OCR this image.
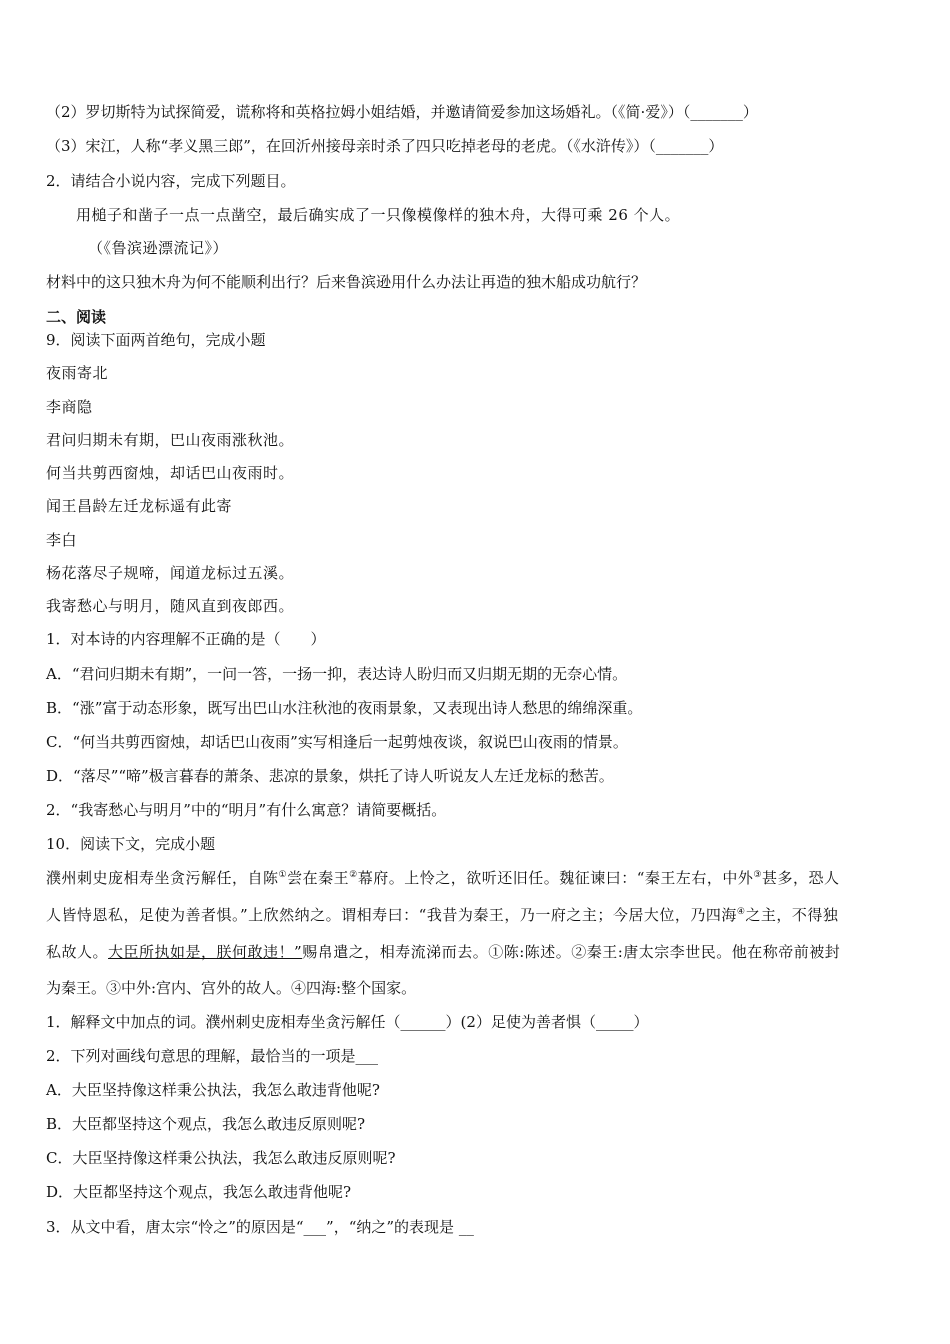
（2）罗切斯特为试探简爱，谎称将和英格拉姆小姐结婚，并邀请简爱参加这场婚礼。（《简·爱》）（_______）
（3）宋江，人称“孝义黑三郎”，在回沂州接母亲时杀了四只吃掉老母的老虎。（《水浒传》）（_______）
2．请结合小说内容，完成下列题目。
用槌子和凿子一点一点凿空，最后确实成了一只像模像样的独木舟，大得可乘 26 个人。
（《鲁滨逊漂流记》）
材料中的这只独木舟为何不能顺利出行？后来鲁滨逊用什么办法让再造的独木船成功航行？
二、阅读
9．阅读下面两首绝句，完成小题
夜雨寄北
李商隐
君问归期未有期，巴山夜雨涨秋池。
何当共剪西窗烛，却话巴山夜雨时。
闻王昌龄左迁龙标遥有此寄
李白
杨花落尽子规啼，闻道龙标过五溪。
我寄愁心与明月，随风直到夜郎西。
1．对本诗的内容理解不正确的是（　　）
A．“君问归期未有期”，一问一答，一扬一抑，表达诗人盼归而又归期无期的无奈心情。
B．“涨”富于动态形象，既写出巴山水注秋池的夜雨景象，又表现出诗人愁思的绵绵深重。
C．“何当共剪西窗烛，却话巴山夜雨”实写相逢后一起剪烛夜谈，叙说巴山夜雨的情景。
D．“落尽”“啼”极言暮春的萧条、悲凉的景象，烘托了诗人听说友人左迁龙标的愁苦。
2．“我寄愁心与明月”中的“明月”有什么寓意？请简要概括。
10．阅读下文，完成小题
濮州刺史庞相寿坐贪污解任，自陈①尝在秦王②幕府。上怜之，欲听还旧任。魏征谏曰：“秦王左右，中外③甚多，恐人
人皆恃恩私，足使为善者惧。”上欣然纳之。谓相寿曰：“我昔为秦王，乃一府之主；今居大位，乃四海④之主，不得独
私故人。大臣所执如是，朕何敢违！”赐帛遣之，相寿流涕而去。①陈:陈述。②秦王:唐太宗李世民。他在称帝前被封
为秦王。③中外:宫内、宫外的故人。④四海:整个国家。
1．解释文中加点的词。濮州刺史庞相寿坐贪污解任（______）(2）足使为善者惧（_____）
2．下列对画线句意思的理解，最恰当的一项是___
A．大臣坚持像这样秉公执法，我怎么敢违背他呢?
B．大臣都坚持这个观点，我怎么敢违反原则呢?
C．大臣坚持像这样秉公执法，我怎么敢违反原则呢?
D．大臣都坚持这个观点，我怎么敢违背他呢?
3．从文中看，唐太宗“怜之”的原因是“___”，“纳之”的表现是 __
